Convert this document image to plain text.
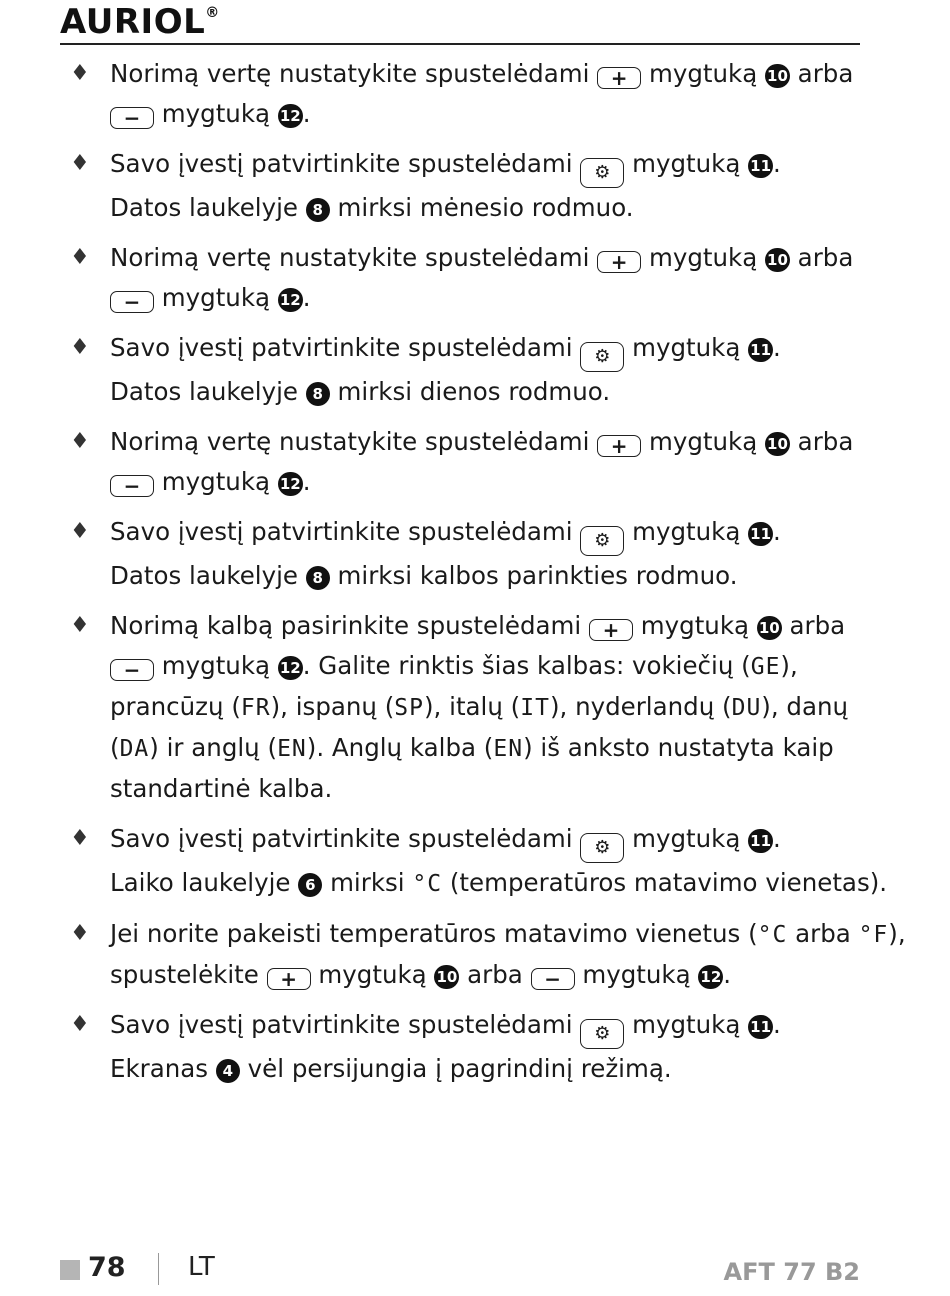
AURIOL®
♦ Norimą vertę nustatykite spustelėdami + mygtuką 10 arba
− mygtuką 12.
♦ Savo įvestį patvirtinkite spustelėdami ⚙ mygtuką 11.
Datos laukelyje 8 mirksi mėnesio rodmuo.
♦ Norimą vertę nustatykite spustelėdami + mygtuką 10 arba
− mygtuką 12.
♦ Savo įvestį patvirtinkite spustelėdami ⚙ mygtuką 11.
Datos laukelyje 8 mirksi dienos rodmuo.
♦ Norimą vertę nustatykite spustelėdami + mygtuką 10 arba
− mygtuką 12.
♦ Savo įvestį patvirtinkite spustelėdami ⚙ mygtuką 11.
Datos laukelyje 8 mirksi kalbos parinkties rodmuo.
♦ Norimą kalbą pasirinkite spustelėdami + mygtuką 10 arba
− mygtuką 12. Galite rinktis šias kalbas: vokiečių (GE),
prancūzų (FR), ispanų (SP), italų (IT), nyderlandų (DU), danų
(DA) ir anglų (EN). Anglų kalba (EN) iš anksto nustatyta kaip
standartinė kalba.
♦ Savo įvestį patvirtinkite spustelėdami ⚙ mygtuką 11.
Laiko laukelyje 6 mirksi °C (temperatūros matavimo vienetas).
♦ Jei norite pakeisti temperatūros matavimo vienetus (°C arba °F),
spustelėkite + mygtuką 10 arba − mygtuką 12.
♦ Savo įvestį patvirtinkite spustelėdami ⚙ mygtuką 11.
Ekranas 4 vėl persijungia į pagrindinį režimą.
78 LT	AFT 77 B2
